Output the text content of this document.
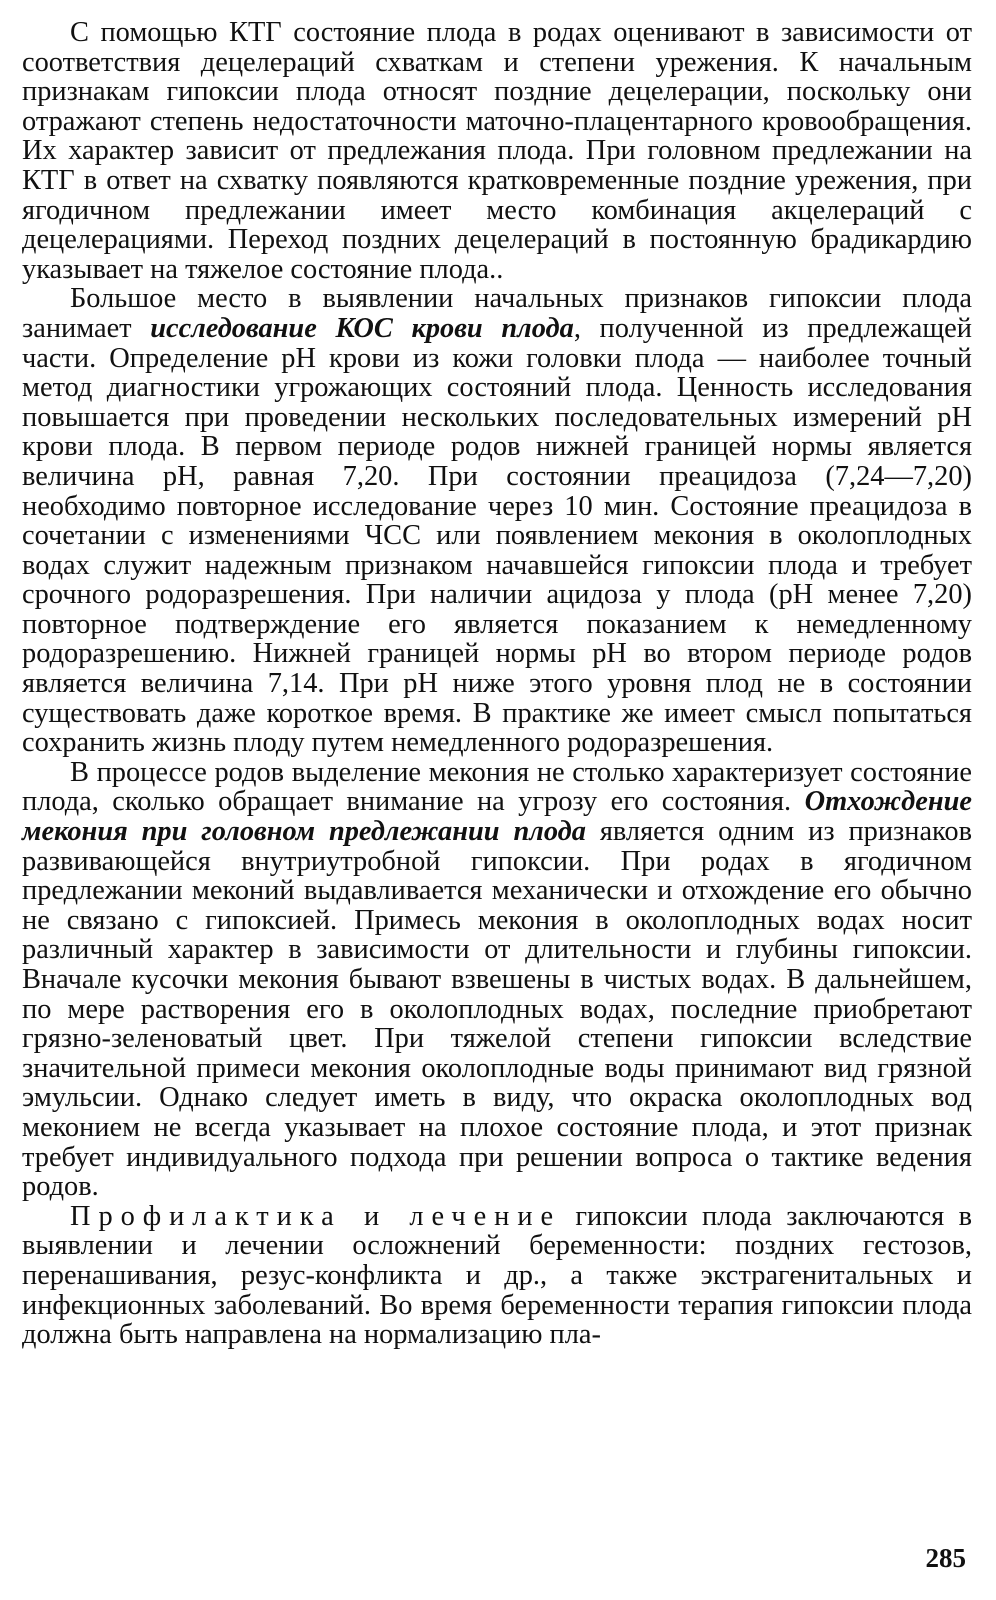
С помощью КТГ состояние плода в родах оценивают в зависимости от соответствия децелераций схваткам и степени урежения. К начальным признакам гипоксии плода относят поздние децелерации, поскольку они отражают степень недостаточности маточно-плацентарного кровообращения. Их характер зависит от предлежания плода. При головном предлежании на КТГ в ответ на схватку появляются кратковременные поздние урежения, при ягодичном предлежании имеет место комбинация акцелераций с децелерациями. Переход поздних децелераций в постоянную брадикардию указывает на тяжелое состояние плода..

Большое место в выявлении начальных признаков гипоксии плода занимает исследование КОС крови плода, полученной из предлежащей части. Определение рН крови из кожи головки плода — наиболее точный метод диагностики угрожающих состояний плода. Ценность исследования повышается при проведении нескольких последовательных измерений рН крови плода. В первом периоде родов нижней границей нормы является величина рН, равная 7,20. При состоянии преацидоза (7,24—7,20) необходимо повторное исследование через 10 мин. Состояние преацидоза в сочетании с изменениями ЧСС или появлением мекония в околоплодных водах служит надежным признаком начавшейся гипоксии плода и требует срочного родоразрешения. При наличии ацидоза у плода (рН менее 7,20) повторное подтверждение его является показанием к немедленному родоразрешению. Нижней границей нормы рН во втором периоде родов является величина 7,14. При рН ниже этого уровня плод не в состоянии существовать даже короткое время. В практике же имеет смысл попытаться сохранить жизнь плоду путем немедленного родоразрешения.

В процессе родов выделение мекония не столько характеризует состояние плода, сколько обращает внимание на угрозу его состояния. Отхождение мекония при головном предлежании плода является одним из признаков развивающейся внутриутробной гипоксии. При родах в ягодичном предлежании меконий выдавливается механически и отхождение его обычно не связано с гипоксией. Примесь мекония в околоплодных водах носит различный характер в зависимости от длительности и глубины гипоксии. Вначале кусочки мекония бывают взвешены в чистых водах. В дальнейшем, по мере растворения его в околоплодных водах, последние приобретают грязно-зеленоватый цвет. При тяжелой степени гипоксии вследствие значительной примеси мекония околоплодные воды принимают вид грязной эмульсии. Однако следует иметь в виду, что окраска околоплодных вод меконием не всегда указывает на плохое состояние плода, и этот признак требует индивидуального подхода при решении вопроса о тактике ведения родов.

Профилактика и лечение гипоксии плода заключаются в выявлении и лечении осложнений беременности: поздних гестозов, перенашивания, резус-конфликта и др., а также экстрагенитальных и инфекционных заболеваний. Во время беременности терапия гипоксии плода должна быть направлена на нормализацию пла-

285
